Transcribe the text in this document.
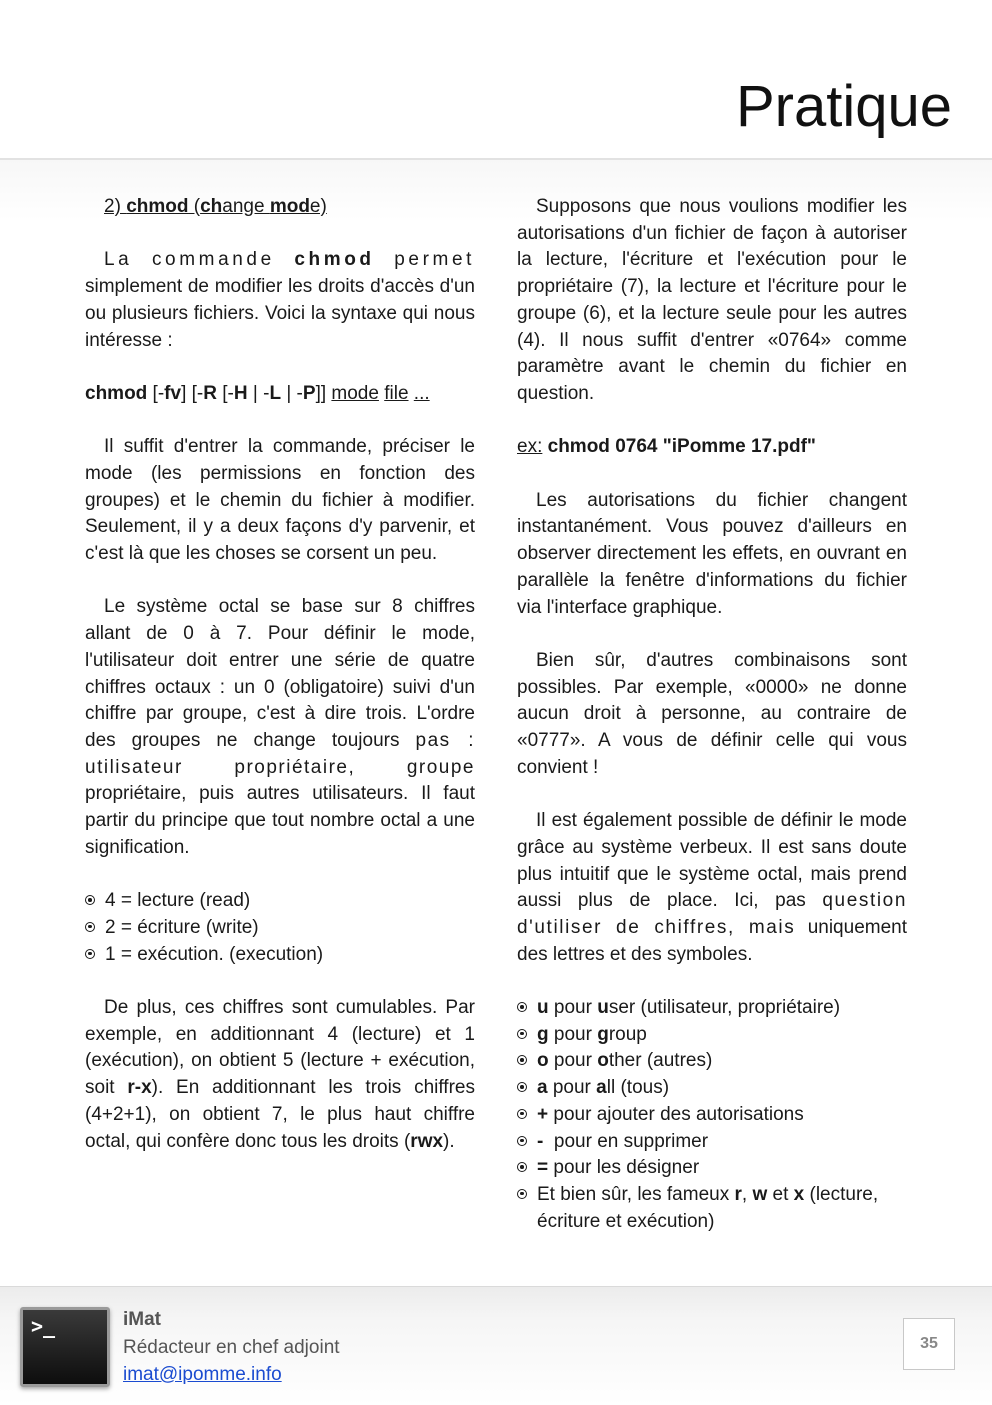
Pratique
2) chmod (change mode)

La commande chmod permet simplement de modifier les droits d'accès d'un ou plusieurs fichiers. Voici la syntaxe qui nous intéresse :

chmod [-fv] [-R [-H | -L | -P]] mode file ...

Il suffit d'entrer la commande, préciser le mode (les permissions en fonction des groupes) et le chemin du fichier à modifier. Seulement, il y a deux façons d'y parvenir, et c'est là que les choses se corsent un peu.

Le système octal se base sur 8 chiffres allant de 0 à 7. Pour définir le mode, l'utilisateur doit entrer une série de quatre chiffres octaux : un 0 (obligatoire) suivi d'un chiffre par groupe, c'est à dire trois. L'ordre des groupes ne change toujours pas : utilisateur propriétaire, groupe propriétaire, puis autres utilisateurs. Il faut partir du principe que tout nombre octal a une signification.

4 = lecture (read)
2 = écriture (write)
1 = exécution. (execution)

De plus, ces chiffres sont cumulables. Par exemple, en additionnant 4 (lecture) et 1 (exécution), on obtient 5 (lecture + exécution, soit r-x). En additionnant les trois chiffres (4+2+1), on obtient 7, le plus haut chiffre octal, qui confère donc tous les droits (rwx).

Supposons que nous voulions modifier les autorisations d'un fichier de façon à autoriser la lecture, l'écriture et l'exécution pour le propriétaire (7), la lecture et l'écriture pour le groupe (6), et la lecture seule pour les autres (4). Il nous suffit d'entrer «0764» comme paramètre avant le chemin du fichier en question.

ex: chmod 0764 "iPomme 17.pdf"

Les autorisations du fichier changent instantanément. Vous pouvez d'ailleurs en observer directement les effets, en ouvrant en parallèle la fenêtre d'informations du fichier via l'interface graphique.

Bien sûr, d'autres combinaisons sont possibles. Par exemple, «0000» ne donne aucun droit à personne, au contraire de «0777». A vous de définir celle qui vous convient !

Il est également possible de définir le mode grâce au système verbeux. Il est sans doute plus intuitif que le système octal, mais prend aussi plus de place. Ici, pas question d'utiliser de chiffres, mais uniquement des lettres et des symboles.

u pour user (utilisateur, propriétaire)
g pour group
o pour other (autres)
a pour all (tous)
+ pour ajouter des autorisations
-  pour en supprimer
= pour les désigner
Et bien sûr, les fameux r, w et x (lecture, écriture et exécution)
>_	iMat
Rédacteur en chef adjoint
imat@ipomme.info
35
